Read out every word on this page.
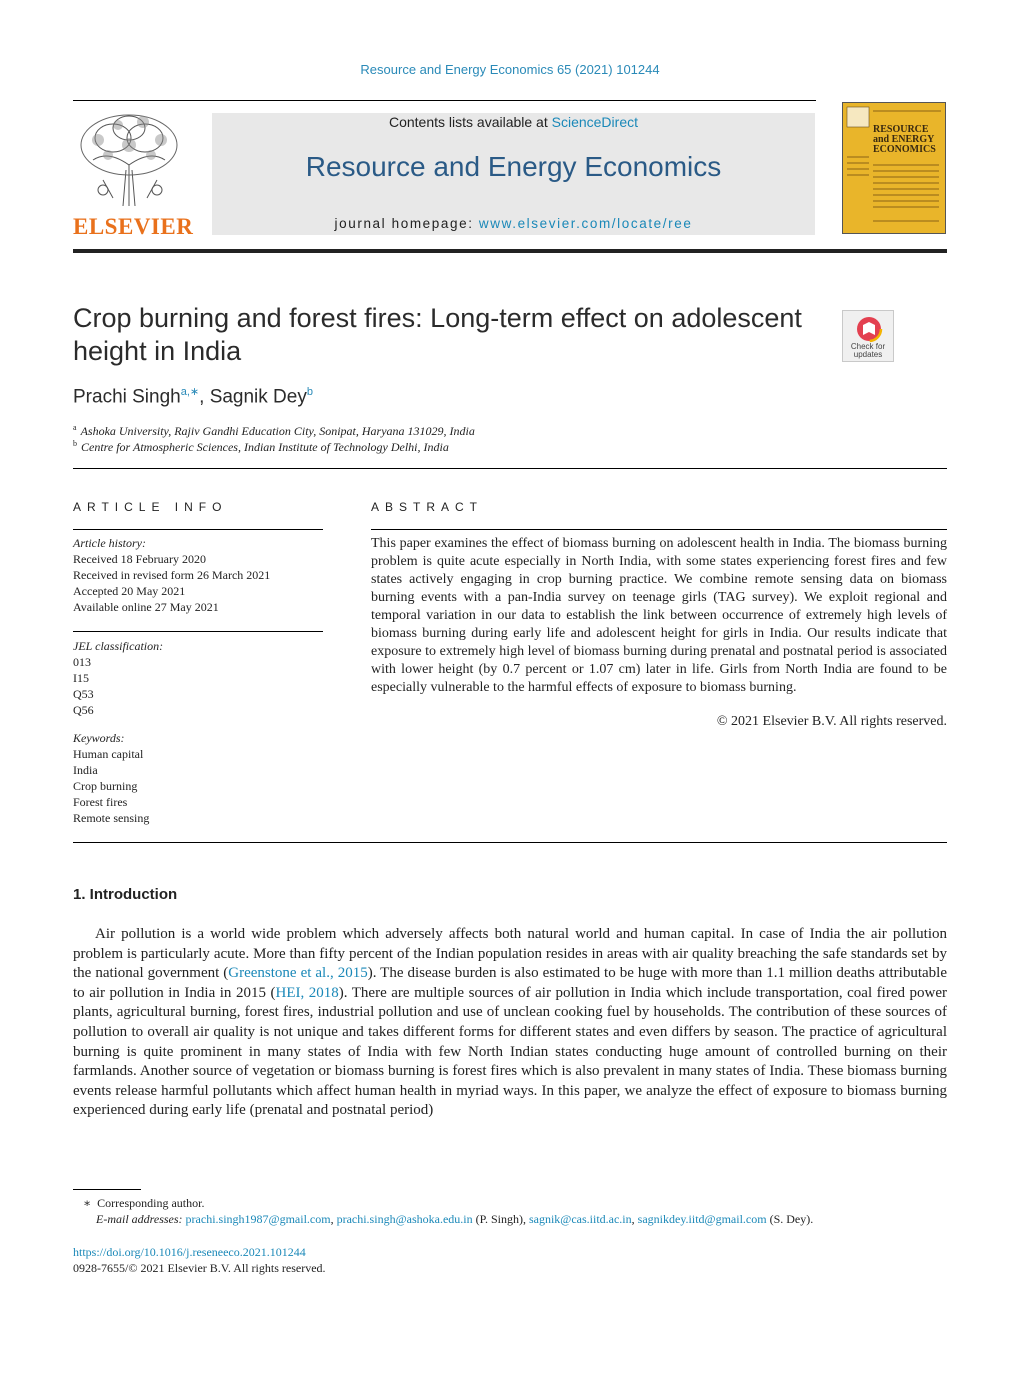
Resource and Energy Economics 65 (2021) 101244
ELSEVIER
Contents lists available at ScienceDirect
Resource and Energy Economics
journal homepage: www.elsevier.com/locate/ree
RESOURCE and ENERGY ECONOMICS
Crop burning and forest fires: Long-term effect on adolescent
height in India	Check for updates
Prachi Singh$^{a,∗}$, Sagnik Dey$^b$
$^a$ Ashoka University, Rajiv Gandhi Education City, Sonipat, Haryana 131029, India
$^b$ Centre for Atmospheric Sciences, Indian Institute of Technology Delhi, India
ARTICLE INFO	ABSTRACT
Article history:
Received 18 February 2020
Received in revised form 26 March 2021
Accepted 20 May 2021
Available online 27 May 2021
JEL classification:
013
I15
Q53
Q56
Keywords:
Human capital
India
Crop burning
Forest fires
Remote sensing
This paper examines the effect of biomass burning on adolescent health in India. The biomass burning problem is quite acute especially in North India, with some states experiencing forest fires and few states actively engaging in crop burning practice. We combine remote sensing data on biomass burning events with a pan-India survey on teenage girls (TAG survey). We exploit regional and temporal variation in our data to establish the link between occurrence of extremely high levels of biomass burning during early life and adolescent height for girls in India. Our results indicate that exposure to extremely high level of biomass burning during prenatal and postnatal period is associated with lower height (by 0.7 percent or 1.07 cm) later in life. Girls from North India are found to be especially vulnerable to the harmful effects of exposure to biomass burning.
© 2021 Elsevier B.V. All rights reserved.
1. Introduction
Air pollution is a world wide problem which adversely affects both natural world and human capital. In case of India the air pollution problem is particularly acute. More than fifty percent of the Indian population resides in areas with air quality breaching the safe standards set by the national government (Greenstone et al., 2015). The disease burden is also estimated to be huge with more than 1.1 million deaths attributable to air pollution in India in 2015 (HEI, 2018). There are multiple sources of air pollution in India which include transportation, coal fired power plants, agricultural burning, forest fires, industrial pollution and use of unclean cooking fuel by households. The contribution of these sources of pollution to overall air quality is not unique and takes different forms for different states and even differs by season. The practice of agricultural burning is quite prominent in many states of India with few North Indian states conducting huge amount of controlled burning on their farmlands. Another source of vegetation or biomass burning is forest fires which is also prevalent in many states of India. These biomass burning events release harmful pollutants which affect human health in myriad ways. In this paper, we analyze the effect of exposure to biomass burning experienced during early life (prenatal and postnatal period)
∗ Corresponding author.
E-mail addresses: prachi.singh1987@gmail.com, prachi.singh@ashoka.edu.in (P. Singh), sagnik@cas.iitd.ac.in, sagnikdey.iitd@gmail.com (S. Dey).
https://doi.org/10.1016/j.reseneeco.2021.101244
0928-7655/© 2021 Elsevier B.V. All rights reserved.
